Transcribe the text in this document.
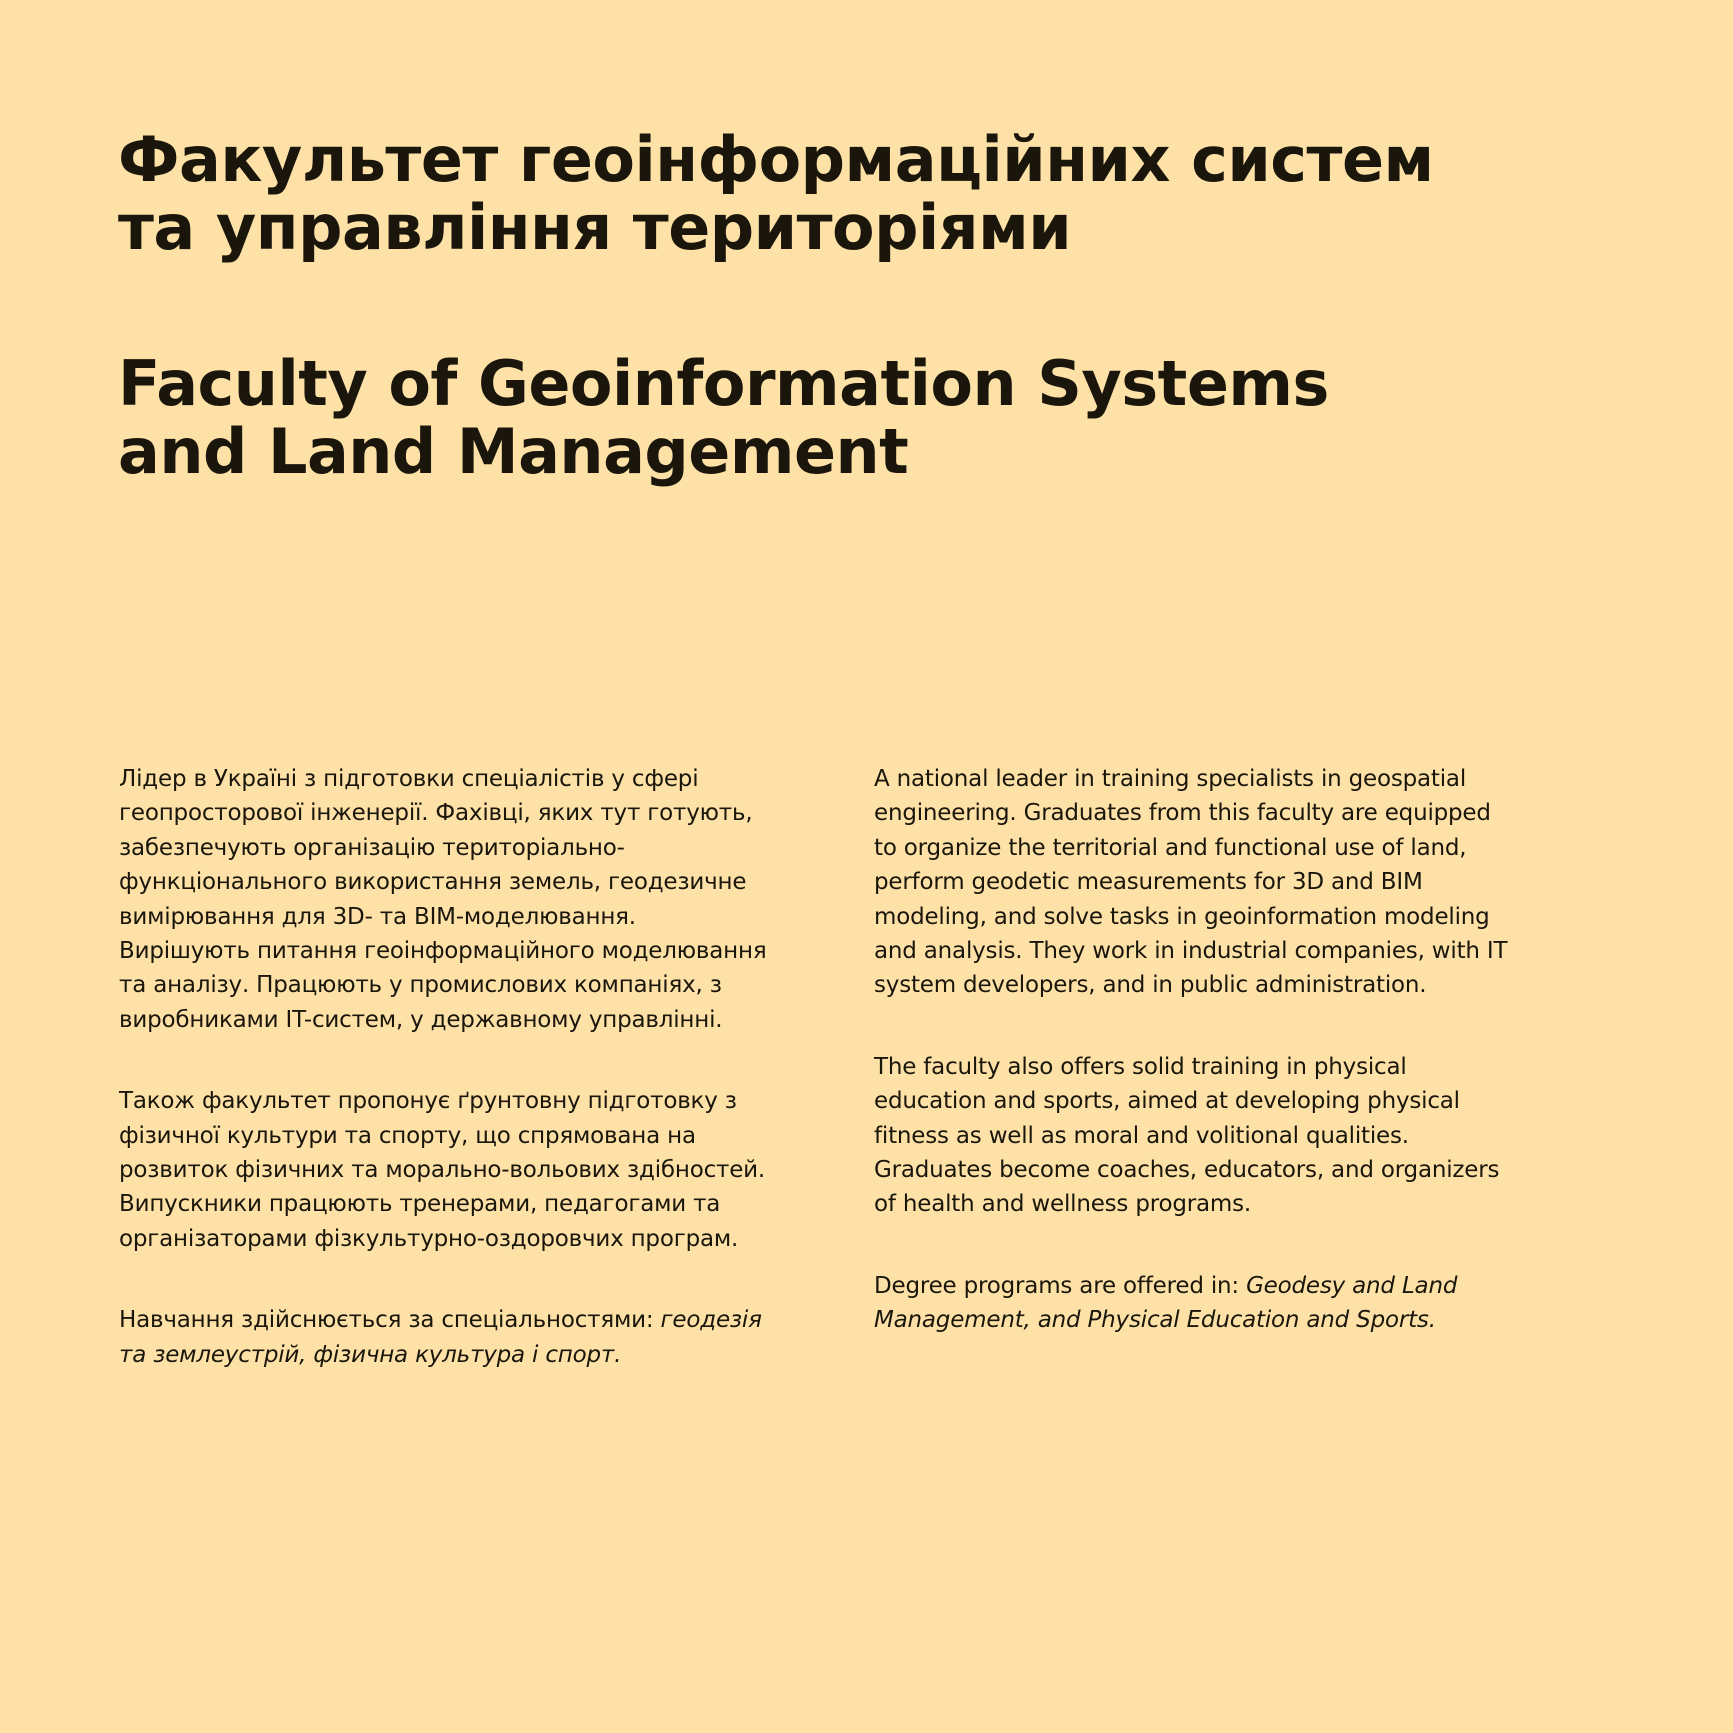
Факультет геоінформаційних систем
та управління територіями
Faculty of Geoinformation Systems
and Land Management

Лідер в Україні з підготовки спеціалістів у сфері
геопросторової інженерії. Фахівці, яких тут готують,
забезпечують організацію територіально-
функціонального використання земель, геодезичне
вимірювання для 3D- та BIM-моделювання.
Вирішують питання геоінформаційного моделювання
та аналізу. Працюють у промислових компаніях, з
виробниками IT-систем, у державному управлінні.

Також факультет пропонує ґрунтовну підготовку з
фізичної культури та спорту, що спрямована на
розвиток фізичних та морально-вольових здібностей.
Випускники працюють тренерами, педагогами та
організаторами фізкультурно-оздоровчих програм.

Навчання здійснюється за спеціальностями: геодезія
та землеустрій, фізична культура і спорт.

A national leader in training specialists in geospatial
engineering. Graduates from this faculty are equipped
to organize the territorial and functional use of land,
perform geodetic measurements for 3D and BIM
modeling, and solve tasks in geoinformation modeling
and analysis. They work in industrial companies, with IT
system developers, and in public administration.

The faculty also offers solid training in physical
education and sports, aimed at developing physical
fitness as well as moral and volitional qualities.
Graduates become coaches, educators, and organizers
of health and wellness programs.

Degree programs are offered in: Geodesy and Land
Management, and Physical Education and Sports.
